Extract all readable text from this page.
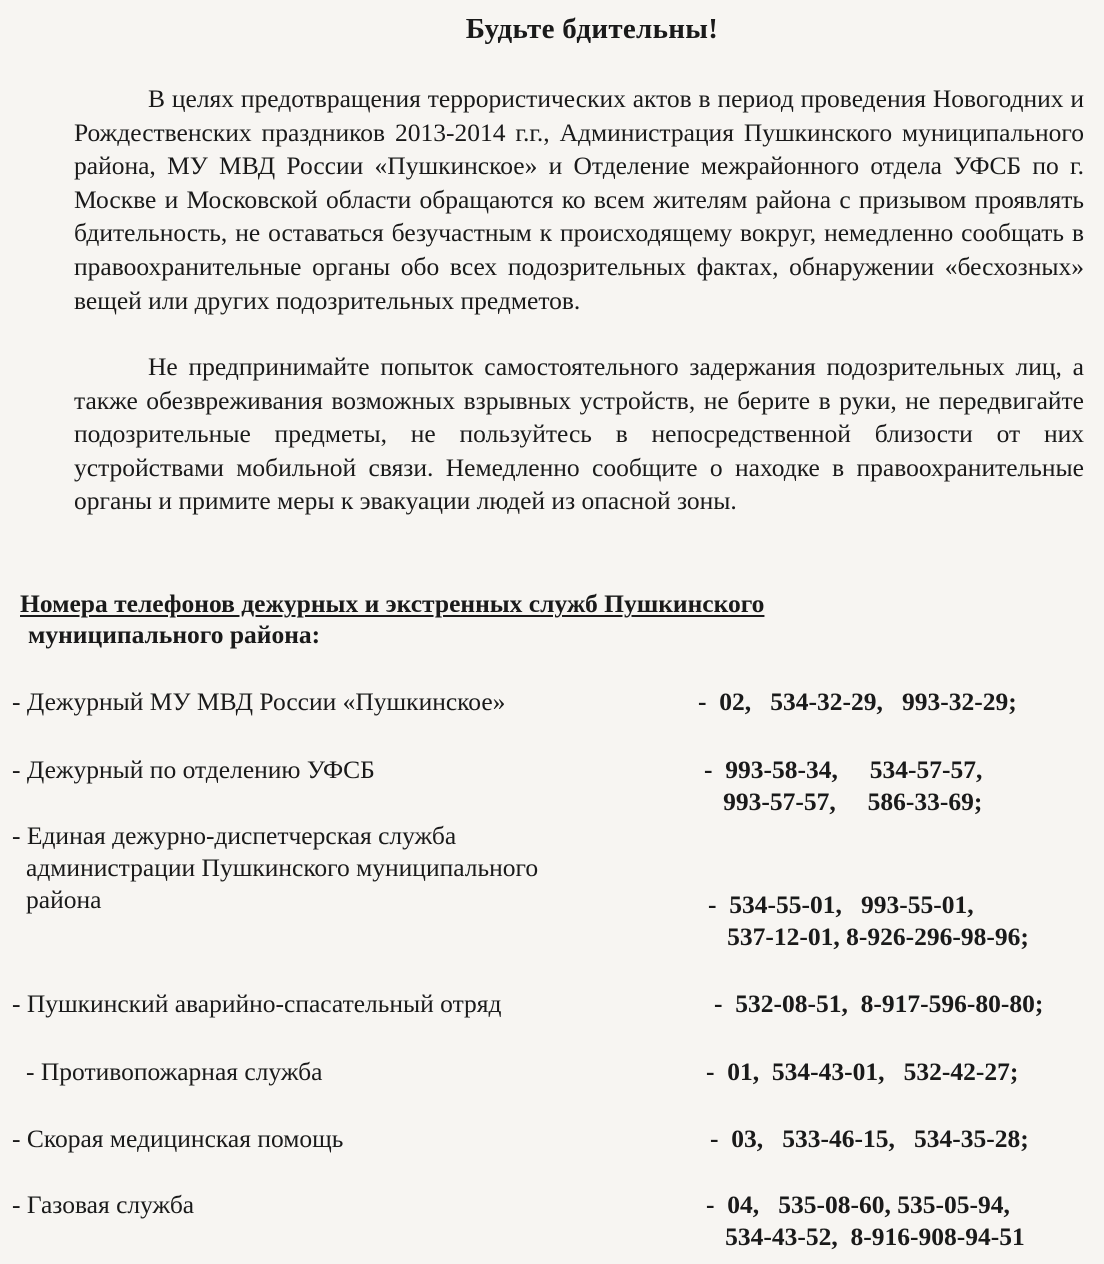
Будьте бдительны!

В целях предотвращения террористических актов в период проведения Новогодних и Рождественских праздников 2013-2014 г.г., Администрация Пушкинского муниципального района, МУ МВД России «Пушкинское» и Отделение межрайонного отдела УФСБ по г. Москве и Московской области обращаются ко всем жителям района с призывом проявлять бдительность, не оставаться безучастным к происходящему вокруг, немедленно сообщать в правоохранительные органы обо всех подозрительных фактах, обнаружении «бесхозных» вещей или других подозрительных предметов.

Не предпринимайте попыток самостоятельного задержания подозрительных лиц, а также обезвреживания возможных взрывных устройств, не берите в руки, не передвигайте подозрительные предметы, не пользуйтесь в непосредственной близости от них устройствами мобильной связи. Немедленно сообщите о находке в правоохранительные органы и примите меры к эвакуации людей из опасной зоны.

Номера телефонов дежурных и экстренных служб Пушкинского
муниципального района:
- Дежурный МУ МВД России «Пушкинское»	-  02,   534-32-29,   993-32-29;
- Дежурный по отделению УФСБ	-  993-58-34,     534-57-57,
993-57-57,     586-33-69;
- Единая дежурно-диспетчерская служба
администрации Пушкинского муниципального
района	-  534-55-01,   993-55-01,
537-12-01, 8-926-296-98-96;
- Пушкинский аварийно-спасательный отряд	-  532-08-51,  8-917-596-80-80;
- Противопожарная служба	-  01,  534-43-01,   532-42-27;
- Скорая медицинская помощь	-  03,   533-46-15,   534-35-28;
- Газовая служба	-  04,   535-08-60, 535-05-94,
534-43-52,  8-916-908-94-51
